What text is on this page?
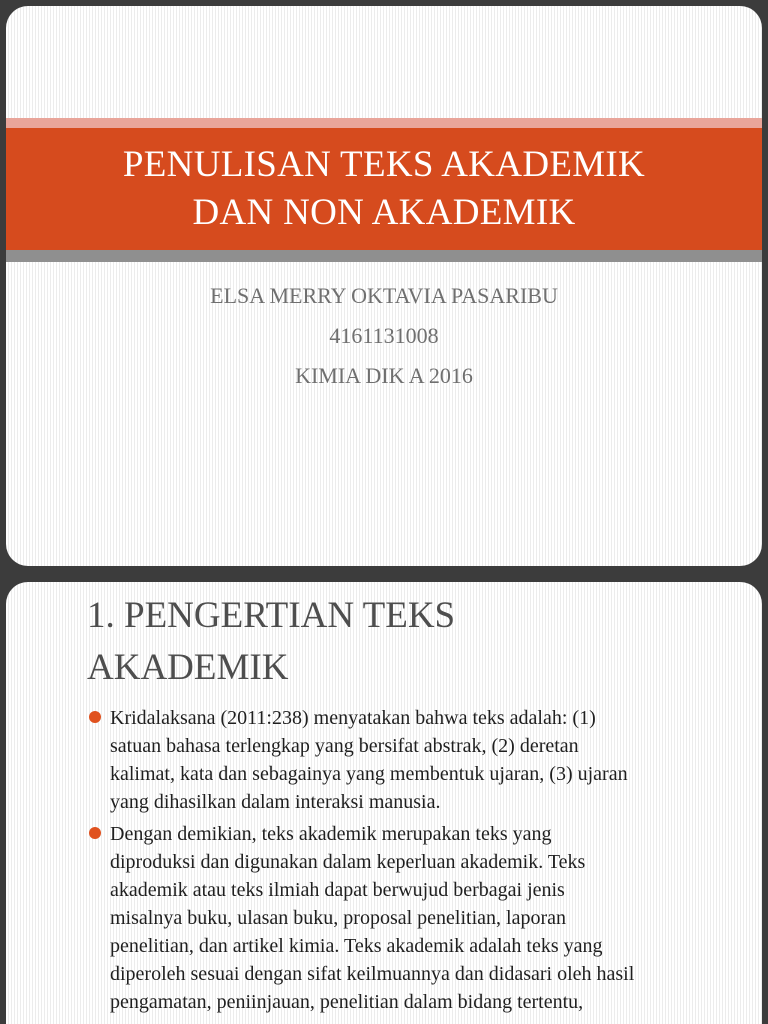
PENULISAN TEKS AKADEMIK
DAN NON AKADEMIK
ELSA MERRY OKTAVIA PASARIBU
4161131008
KIMIA DIK A 2016
1. PENGERTIAN TEKS
AKADEMIK
Kridalaksana (2011:238) menyatakan bahwa teks adalah: (1)
satuan bahasa terlengkap yang bersifat abstrak, (2) deretan
kalimat, kata dan sebagainya yang membentuk ujaran, (3) ujaran
yang dihasilkan dalam interaksi manusia.
Dengan demikian, teks akademik merupakan teks yang
diproduksi dan digunakan dalam keperluan akademik. Teks
akademik atau teks ilmiah dapat berwujud berbagai jenis
misalnya buku, ulasan buku, proposal penelitian, laporan
penelitian, dan artikel kimia. Teks akademik adalah teks yang
diperoleh sesuai dengan sifat keilmuannya dan didasari oleh hasil
pengamatan, peniinjauan, penelitian dalam bidang tertentu,
